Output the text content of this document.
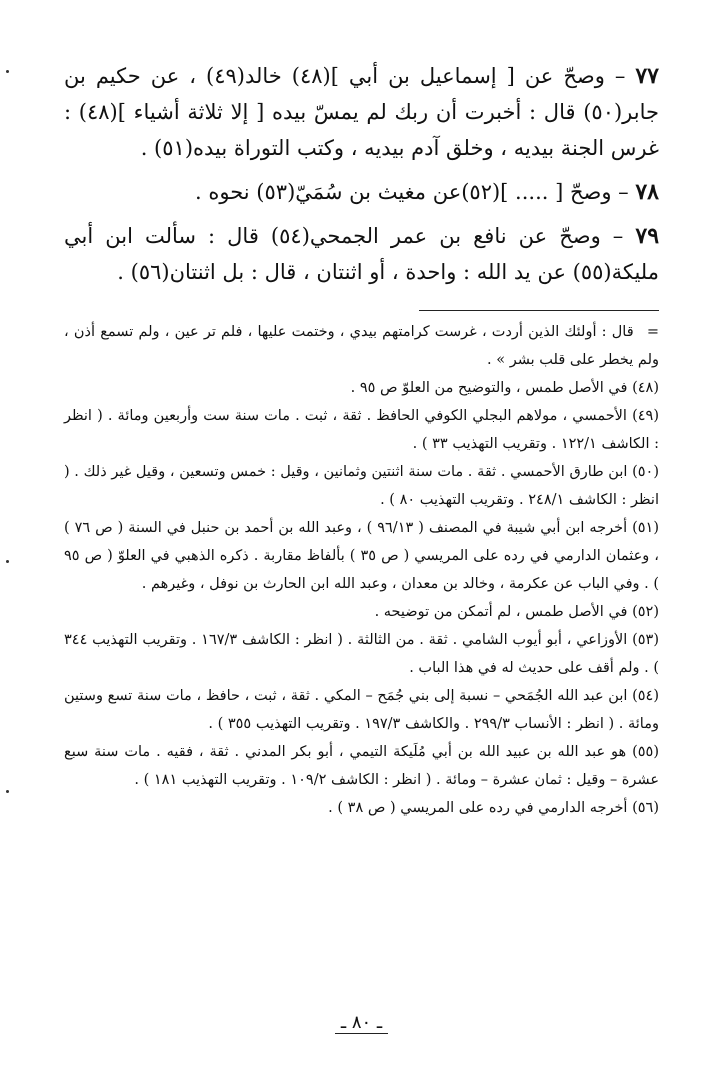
٧٧ – وصحّ عن [ إسماعيل بن أبي ](٤٨) خالد(٤٩) ، عن حكيم بن جابر(٥٠) قال : أخبرت أن ربك لم يمسّ بيده [ إلا ثلاثة أشياء ](٤٨) : غرس الجنة بيديه ، وخلق آدم بيديه ، وكتب التوراة بيده(٥١) .

٧٨ – وصحّ [ ..... ](٥٢)عن مغيث بن سُمَيّ(٥٣) نحوه .

٧٩ – وصحّ عن نافع بن عمر الجمحي(٥٤) قال : سألت ابن أبي مليكة(٥٥) عن يد الله : واحدة ، أو اثنتان ، قال : بل اثنتان(٥٦) .

= قال : أولئك الذين أردت ، غرست كرامتهم بيدي ، وختمت عليها ، فلم تر عين ، ولم تسمع أذن ، ولم يخطر على قلب بشر » .

(٤٨) في الأصل طمس ، والتوضيح من العلوّ ص ٩٥ .

(٤٩) الأحمسي ، مولاهم البجلي الكوفي الحافظ . ثقة ، ثبت . مات سنة ست وأربعين ومائة . ( انظر : الكاشف ١٢٢/١ . وتقريب التهذيب ٣٣ ) .

(٥٠) ابن طارق الأحمسي . ثقة . مات سنة اثنتين وثمانين ، وقيل : خمس وتسعين ، وقيل غير ذلك . ( انظر : الكاشف ٢٤٨/١ . وتقريب التهذيب ٨٠ ) .

(٥١) أخرجه ابن أبي شيبة في المصنف ( ٩٦/١٣ ) ، وعبد الله بن أحمد بن حنبل في السنة ( ص ٧٦ ) ، وعثمان الدارمي في رده على المريسي ( ص ٣٥ ) بألفاظ مقاربة . ذكره الذهبي في العلوّ ( ص ٩٥ ) . وفي الباب عن عكرمة ، وخالد بن معدان ، وعبد الله ابن الحارث بن نوفل ، وغيرهم .

(٥٢) في الأصل طمس ، لم أتمكن من توضيحه .

(٥٣) الأوزاعي ، أبو أيوب الشامي . ثقة . من الثالثة . ( انظر : الكاشف ١٦٧/٣ . وتقريب التهذيب ٣٤٤ ) . ولم أقف على حديث له في هذا الباب .

(٥٤) ابن عبد الله الجُمَحي – نسبة إلى بني جُمَح – المكي . ثقة ، ثبت ، حافظ ، مات سنة تسع وستين ومائة . ( انظر : الأنساب ٢٩٩/٣ . والكاشف ١٩٧/٣ . وتقريب التهذيب ٣٥٥ ) .

(٥٥) هو عبد الله بن عبيد الله بن أبي مُلَيكة التيمي ، أبو بكر المدني . ثقة ، فقيه . مات سنة سبع عشرة – وقيل : ثمان عشرة – ومائة . ( انظر : الكاشف ١٠٩/٢ . وتقريب التهذيب ١٨١ ) .

(٥٦) أخرجه الدارمي في رده على المريسي ( ص ٣٨ ) .

ـ ٨٠ ـ
